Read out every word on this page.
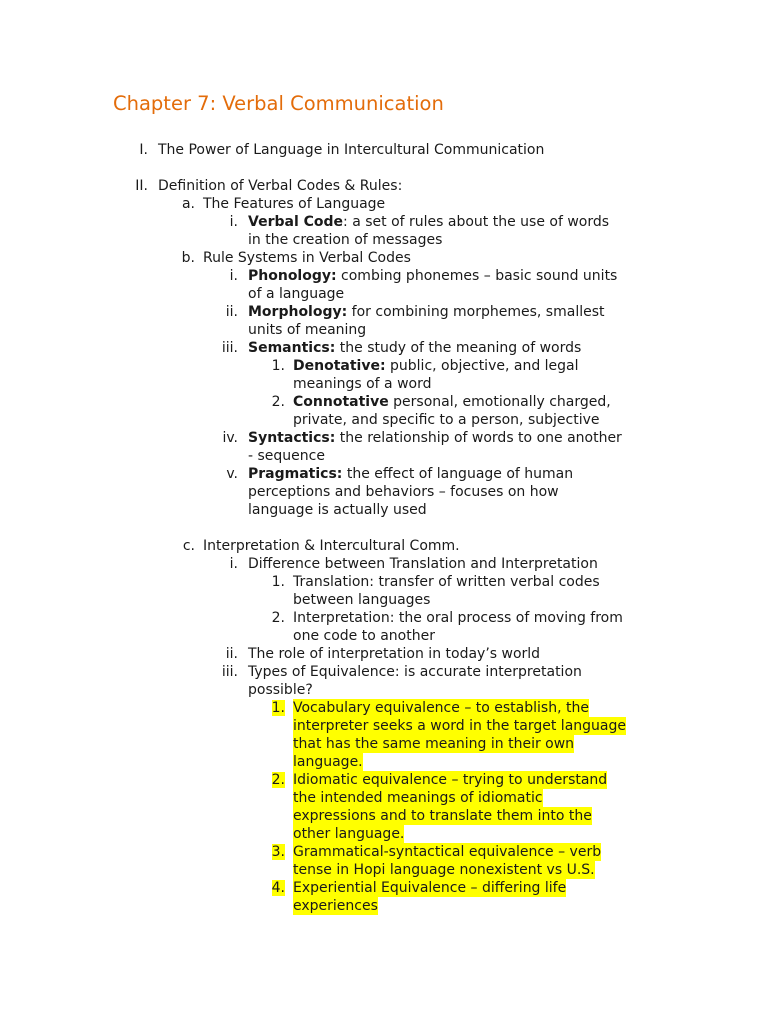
Chapter 7: Verbal Communication
I. The Power of Language in Intercultural Communication
II. Definition of Verbal Codes & Rules:
a. The Features of Language
i. Verbal Code: a set of rules about the use of words
in the creation of messages
b. Rule Systems in Verbal Codes
i. Phonology: combing phonemes – basic sound units
of a language
ii. Morphology: for combining morphemes, smallest
units of meaning
iii. Semantics: the study of the meaning of words
1. Denotative: public, objective, and legal
meanings of a word
2. Connotative personal, emotionally charged,
private, and specific to a person, subjective
iv. Syntactics: the relationship of words to one another
- sequence
v. Pragmatics: the effect of language of human
perceptions and behaviors – focuses on how
language is actually used
c. Interpretation & Intercultural Comm.
i. Difference between Translation and Interpretation
1. Translation: transfer of written verbal codes
between languages
2. Interpretation: the oral process of moving from
one code to another
ii. The role of interpretation in today’s world
iii. Types of Equivalence: is accurate interpretation
possible?
1. Vocabulary equivalence – to establish, the
interpreter seeks a word in the target language
that has the same meaning in their own
language.
2. Idiomatic equivalence – trying to understand
the intended meanings of idiomatic
expressions and to translate them into the
other language.
3. Grammatical-syntactical equivalence – verb
tense in Hopi language nonexistent vs U.S.
4. Experiential Equivalence – differing life
experiences
